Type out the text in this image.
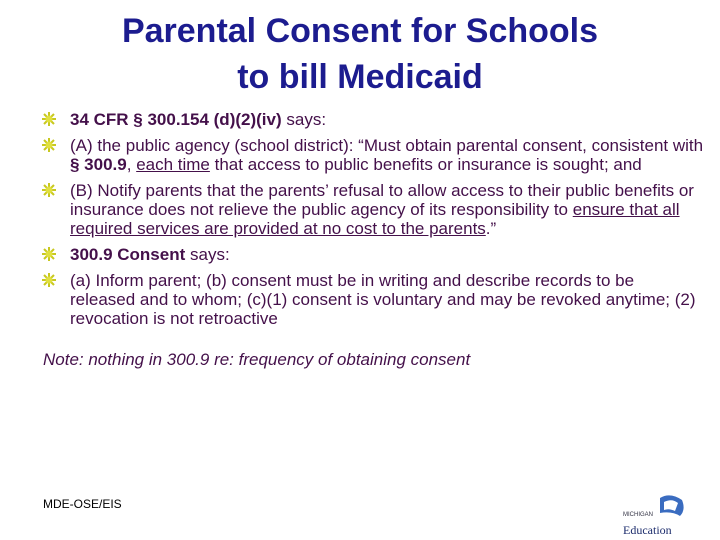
Parental Consent for Schools
to bill Medicaid
34 CFR § 300.154 (d)(2)(iv) says:
(A) the public agency (school district): “Must obtain parental consent, consistent with § 300.9, each time that access to public benefits or insurance is sought; and
(B) Notify parents that the parents’ refusal to allow access to their public benefits or insurance does not relieve the public agency of its responsibility to ensure that all required services are provided at no cost to the parents.”
300.9 Consent says:
(a) Inform parent; (b) consent must be in writing and describe records to be released and to whom; (c)(1) consent is voluntary and may be revoked anytime; (2) revocation is not retroactive
Note: nothing in 300.9 re: frequency of obtaining consent
MDE-OSE/EIS
MICHIGAN
Education
